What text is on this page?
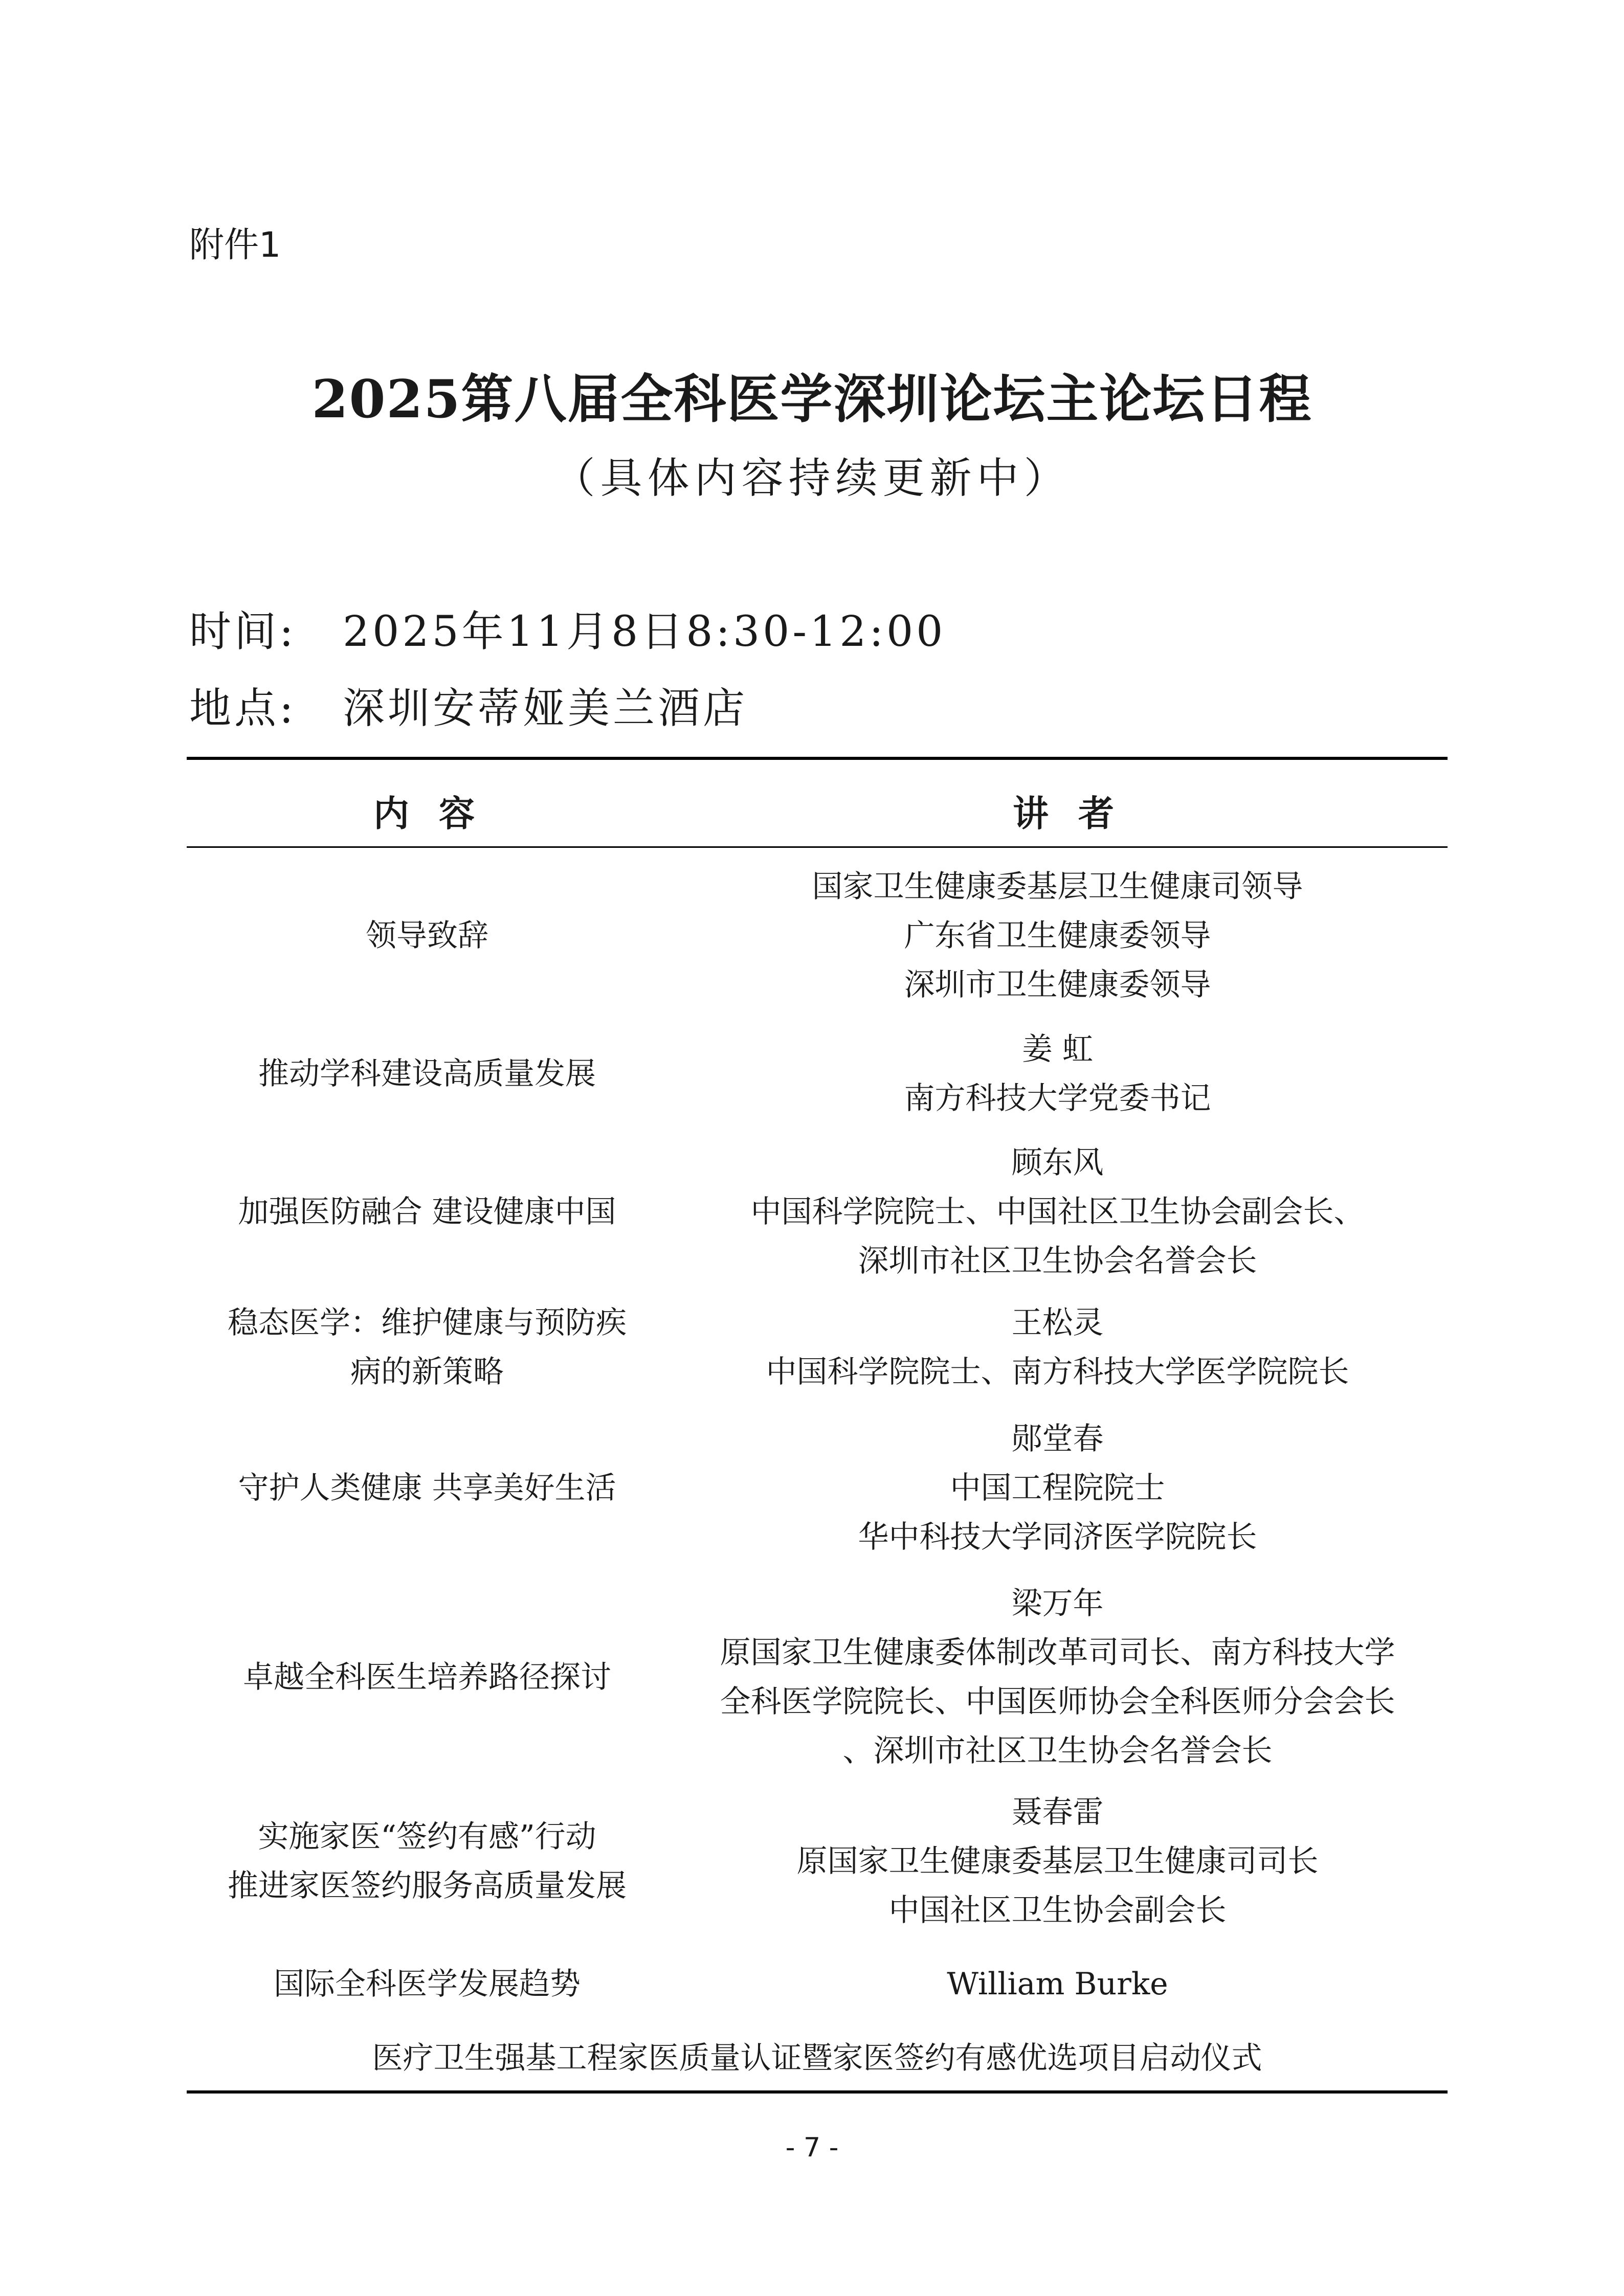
附件1
2025第八届全科医学深圳论坛主论坛日程
（具体内容持续更新中）
时间: 2025年11月8日8:30-12:00
地点: 深圳安蒂娅美兰酒店
内容	讲者
领导致辞
国家卫生健康委基层卫生健康司领导
广东省卫生健康委领导
深圳市卫生健康委领导
推动学科建设高质量发展
姜 虹
南方科技大学党委书记
加强医防融合 建设健康中国
顾东风
中国科学院院士、中国社区卫生协会副会长、
深圳市社区卫生协会名誉会长
稳态医学：维护健康与预防疾
病的新策略
王松灵
中国科学院院士、南方科技大学医学院院长
守护人类健康 共享美好生活
郧堂春
中国工程院院士
华中科技大学同济医学院院长
卓越全科医生培养路径探讨
梁万年
原国家卫生健康委体制改革司司长、南方科技大学
全科医学院院长、中国医师协会全科医师分会会长
、深圳市社区卫生协会名誉会长
实施家医“签约有感”行动
推进家医签约服务高质量发展
聂春雷
原国家卫生健康委基层卫生健康司司长
中国社区卫生协会副会长
国际全科医学发展趋势	William Burke
医疗卫生强基工程家医质量认证暨家医签约有感优选项目启动仪式
- 7 -
